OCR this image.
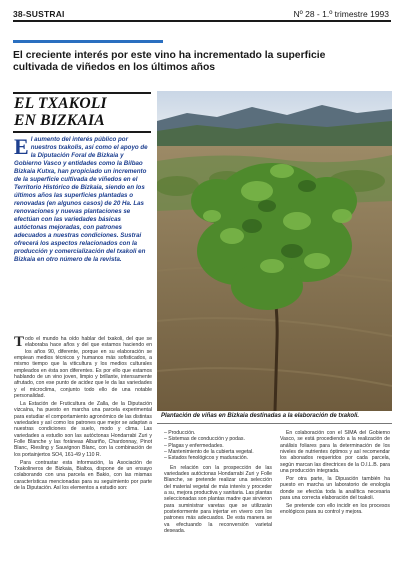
38-SUSTRAI	Nº 28 - 1.º trimestre 1993
El creciente interés por este vino ha incrementado la superficie cultivada de viñedos en los últimos años
EL TXAKOLI
EN BIZKAIA
El aumento del interés público por nuestros txakolis, así como el apoyo de la Diputación Foral de Bizkaia y Gobierno Vasco y entidades como la Bilbao Bizkaia Kutxa, han propiciado un incremento de la superficie cultivada de viñedos en el Territorio Histórico de Bizkaia, siendo en los últimos años las superficies plantadas o renovadas (en algunos casos) de 20 Ha. Las renovaciones y nuevas plantaciones se efectúan con las variedades básicas autóctonas mejoradas, con patrones adecuados a nuestras condiciones. Sustrai ofrecerá los aspectos relacionados con la producción y comercialización del txakoli en Bizkaia en otro número de la revista.

Todo el mundo ha oído hablar del txakoli, del que se elaboraba hace años y del que estamos haciendo en los años 90, diferente, porque en su elaboración se empiean medios técnicos y humanos más sofisticados, a mismo tiempo que la viticultura y los medios culturales empleados en ésta son diferentes. Es por ello que estamos hablando de un vino joven, limpio y brillante, intensamente afrutado, con ese punto de acidez que le da las variedades y el microclima, conjunto todo ello de una notable personalidad.

La Estación de Fruticultura de Zalla, de la Diputación vizcaína, ha puesto en marcha una parcela experimental para estudiar el comportamiento agronómico de las distintas variedades y así como los patrones que mejor se adaptan a nuestras condiciones de suelo, modo y clima. Las variedades a estudio son las autóctonas Hondarrabi Zuri y Folle Blanche y las foráneas Albariño, Chardonnay, Pinot Blanc, Riesling y Sauvignon Blanc, con la combinación de los portainjertos SO4, 161-49 y 110 R.

Para contrastar esta información, la Asociación de Txakolineros de Bizkaia, Bialtxa, dispone de un ensayo colaborando con una parcela en Bakio, con las mismas características mencionadas para su seguimiento por parte de la Diputación. Así los elementos a estudio son:

Plantación de viñas en Bizkaia destinadas a la elaboración de txakoli.

– Producción.

– Sistemas de conducción y podas.

– Plagas y enfermedades.

– Mantenimiento de la cubierta vegetal.

– Estados fenológicos y maduración.

En relación con la prospección de las variedades autóctonas Hondarrabi Zuri y Folle Blanche, se pretende realizar una selección del material vegetal de más interés y proceder a su, mejora productiva y sanitaria. Las plantas seleccionadas son plantas madre que sirvieron para suministrar varetas que se utilizarán posteriormente para injertar en vivero con los patrones más adecuados. De esta manera se va efectuando la reconversión varietal deseada.

En colaboración con el SIMA del Gobierno Vasco, se está procediendo a la realización de análisis foliares para la determinación de los niveles de nutrientes óptimos y así recomendar los abonados requeridos por cada parcela, según marcan las directrices de la O.I.L.B. para una producción integrada.

Por otra parte, la Dipuación también ha puesto en marcha un laboratorio de enología donde se efectúa toda la analítica necesaria para una correcta elaboración del txakoli.

Se pretende con ello incidir en los procesos enológicos para su control y mejora.
